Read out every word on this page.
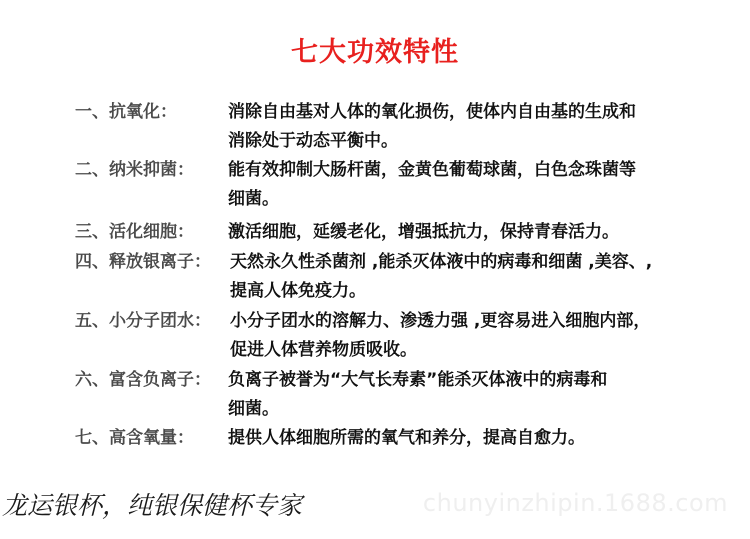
七大功效特性
一、抗氧化：	消除自由基对人体的氧化损伤，使体内自由基的生成和
消除处于动态平衡中。
二、纳米抑菌： 能有效抑制大肠杆菌，金黄色葡萄球菌，白色念珠菌等
细菌。
三、活化细胞： 激活细胞，延缓老化，增强抵抗力，保持青春活力。
四、释放银离子： 天然永久性杀菌剂 ,能杀灭体液中的病毒和细菌 ,美容、,
提高人体免疫力。
五、小分子团水： 小分子团水的溶解力、渗透力强 ,更容易进入细胞内部，
促进人体营养物质吸收。
六、富含负离子： 负离子被誉为“大气长寿素”能杀灭体液中的病毒和
细菌。
七、高含氧量： 提供人体细胞所需的氧气和养分，提高自愈力。
龙运银杯，纯银保健杯专家	chunyinzhipin.1688.com
